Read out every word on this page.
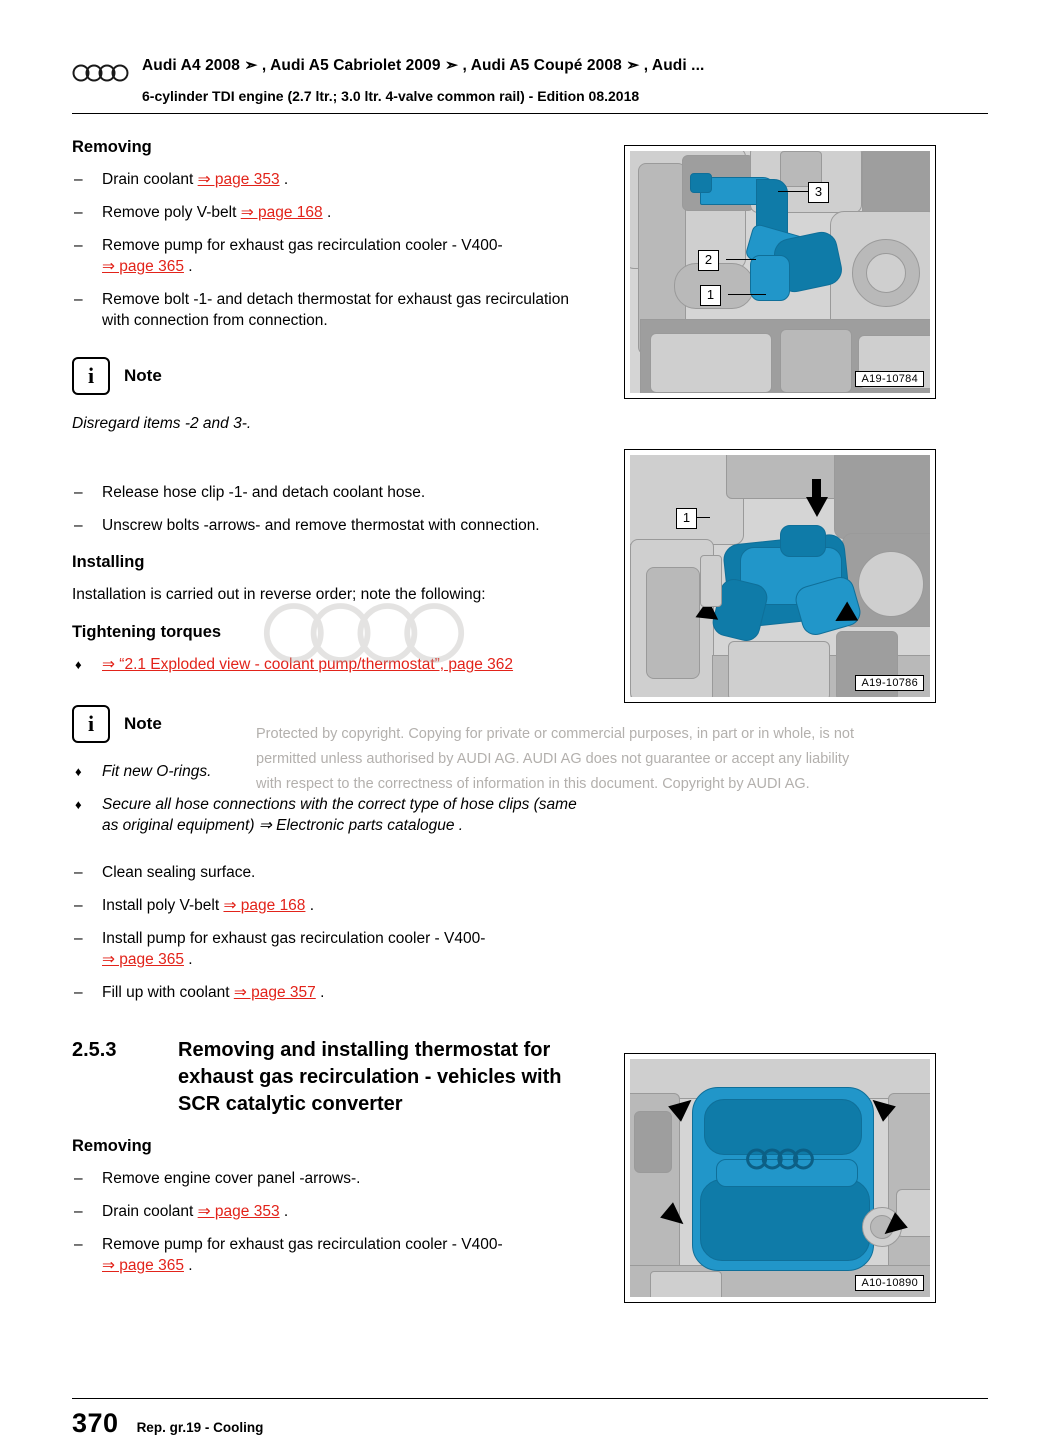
Audi A4 2008 ➣ , Audi A5 Cabriolet 2009 ➣ , Audi A5 Coupé 2008 ➣ , Audi ...
6-cylinder TDI engine (2.7 ltr.; 3.0 ltr. 4-valve common rail) - Edition 08.2018
Removing
– Drain coolant ⇒ page 353 .
– Remove poly V-belt ⇒ page 168 .
– Remove pump for exhaust gas recirculation cooler - V400-
⇒ page 365 .
– Remove bolt -1- and detach thermostat for exhaust gas recirculation with connection from connection.
i	Note

Disregard items -2 and 3-.

– Release hose clip -1- and detach coolant hose.
– Unscrew bolts -arrows- and remove thermostat with connection.
Installing

Installation is carried out in reverse order; note the following:

Tightening torques
♦ ⇒ “2.1 Exploded view - coolant pump/thermostat”, page 362
i	Note
♦ Fit new O-rings.
♦ Secure all hose connections with the correct type of hose clips (same as original equipment) ⇒ Electronic parts catalogue .
– Clean sealing surface.
– Install poly V-belt ⇒ page 168 .
– Install pump for exhaust gas recirculation cooler - V400-
⇒ page 365 .
– Fill up with coolant ⇒ page 357 .
2.5.3	Removing and installing thermostat for exhaust gas recirculation - vehicles with SCR catalytic converter
Removing
– Remove engine cover panel -arrows-.
– Drain coolant ⇒ page 353 .
– Remove pump for exhaust gas recirculation cooler - V400-
⇒ page 365 .
3
2
1
A19-10784
1
A19-10786
A10-10890
Protected by copyright. Copying for private or commercial purposes, in part or in whole, is not
permitted unless authorised by AUDI AG. AUDI AG does not guarantee or accept any liability
with respect to the correctness of information in this document. Copyright by AUDI AG.
370 Rep. gr.19 - Cooling
